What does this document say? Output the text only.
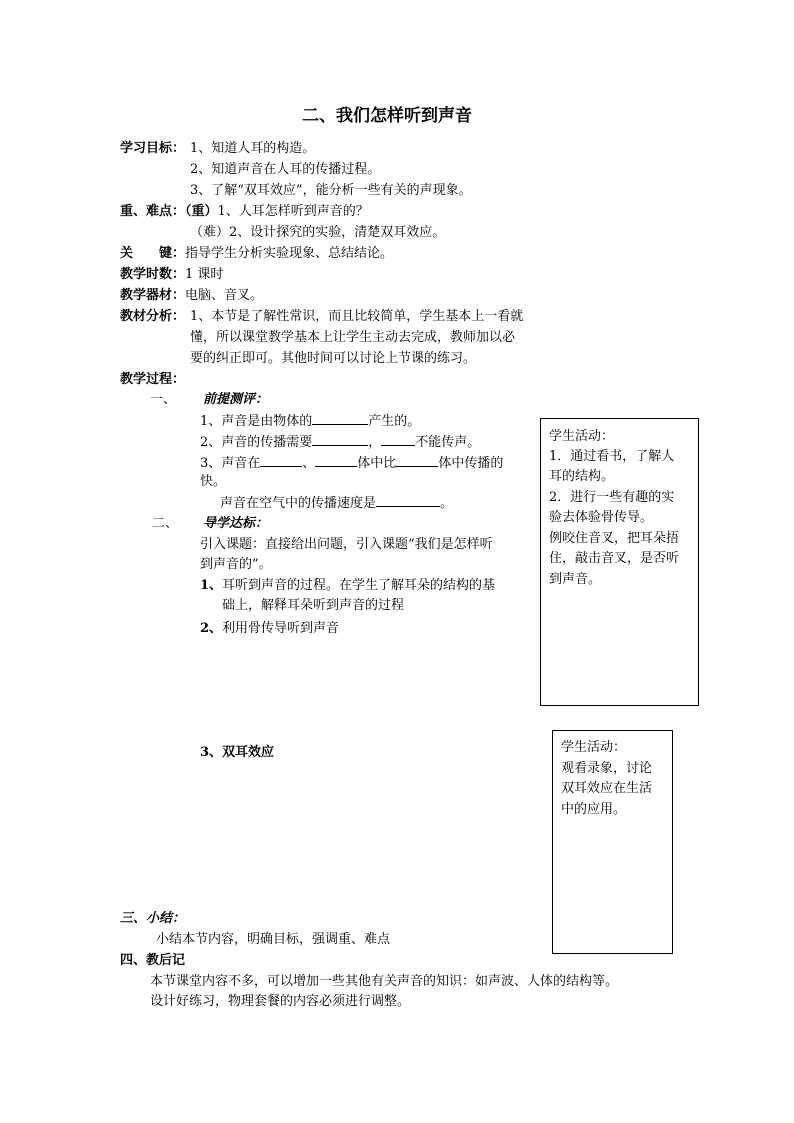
二、我们怎样听到声音
学习目标： 1、知道人耳的构造。
2、知道声音在人耳的传播过程。
3、了解“双耳效应”，能分析一些有关的声现象。
重、难点：（重）1、人耳怎样听到声音的？
（难）2、设计探究的实验，清楚双耳效应。
关　　键：指导学生分析实验现象、总结结论。
教学时数：1 课时
教学器材：电脑、音叉。
教材分析： 1、本节是了解性常识，而且比较简单，学生基本上一看就
懂，所以课堂教学基本上让学生主动去完成，教师加以必
要的纠正即可。其他时间可以讨论上节课的练习。
教学过程：
一、 前提测评：
1、声音是由物体的	产生的。
2、声音的传播需要	，	不能传声。
3、声音在	、	体中比	体中传播的
快。
声音在空气中的传播速度是	。
二、 导学达标：
引入课题：直接给出问题，引入课题“我们是怎样听
到声音的”。
1、耳听到声音的过程。在学生了解耳朵的结构的基
础上，解释耳朵听到声音的过程
2、利用骨传导听到声音
3、双耳效应
三、小结：
小结本节内容，明确目标，强调重、难点
四、教后记
本节课堂内容不多，可以增加一些其他有关声音的知识：如声波、人体的结构等。
设计好练习，物理套餐的内容必须进行调整。
学生活动：
1．通过看书，了解人
耳的结构。
2．进行一些有趣的实
验去体验骨传导。
例咬住音叉，把耳朵捂
住，敲击音叉，是否听
到声音。
学生活动：
观看录象，讨论
双耳效应在生活
中的应用。
